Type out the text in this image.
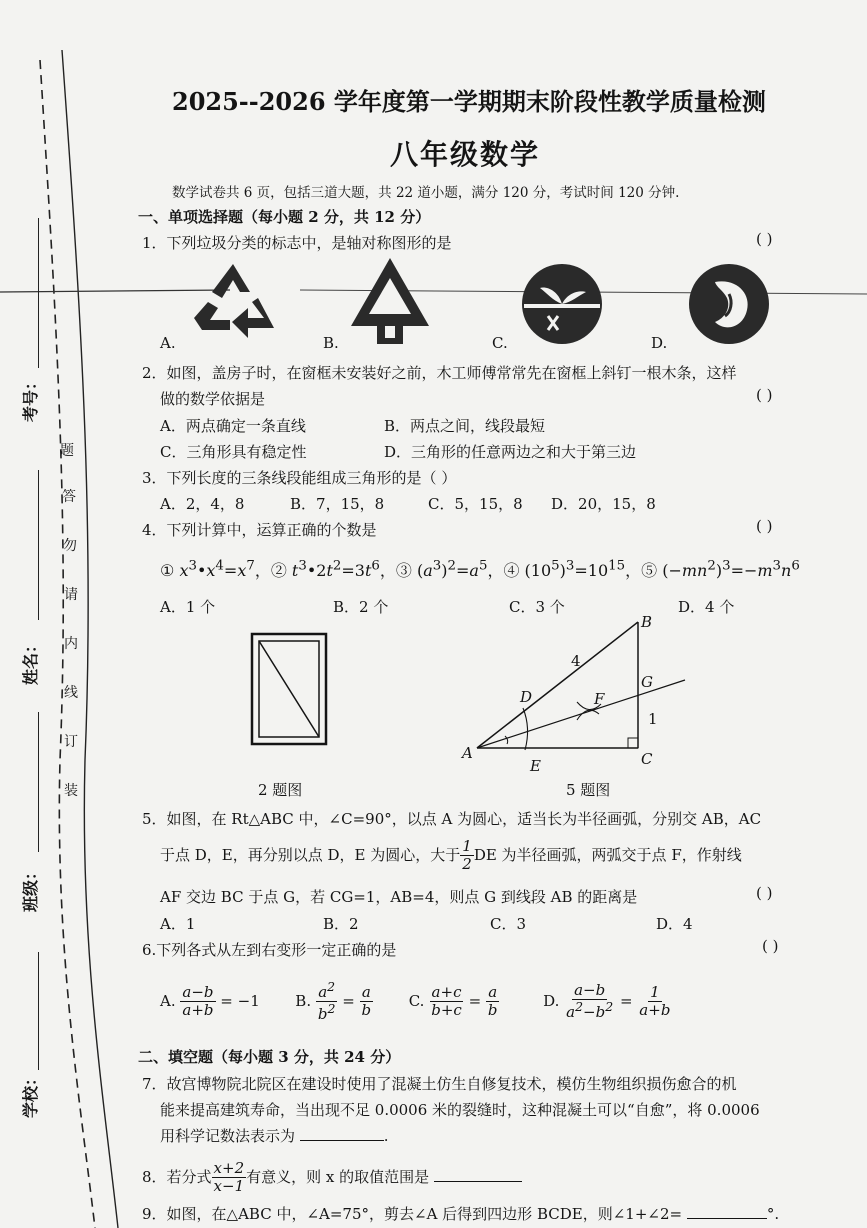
考号：
姓名：
班级：
学校：
题
答
勿
请
内
线
订
装
2025--2026 学年度第一学期期末阶段性教学质量检测
八年级数学
数学试卷共 6 页，包括三道大题，共 22 道小题，满分 120 分，考试时间 120 分钟.
一、单项选择题（每小题 2 分，共 12 分）
1．下列垃圾分类的标志中，是轴对称图形的是	( )
A.	B.	C.	D.
2．如图，盖房子时，在窗框未安装好之前，木工师傅常常先在窗框上斜钉一根木条，这样
做的数学依据是	( )
A．两点确定一条直线	B．两点之间，线段最短
C．三角形具有稳定性	D．三角形的任意两边之和大于第三边
3．下列长度的三条线段能组成三角形的是（ ）
A．2，4，8	B．7，15，8	C．5，15，8 D．20，15，8
4．下列计算中，运算正确的个数是	( )
① $x^3•x^4=x^7$，② $t^3•2t^2=3t^6$，③ $(a^3)^2=a^5$，④ $(10^5)^3=10^{15}$，⑤ $(-mn^2)^3=-m^3n^6$
A．1 个	B．2 个	C．3 个	D．4 个
2 题图
B
G
C
A
D
E
F
4
1
5 题图
5．如图，在 Rt△ABC 中，∠C=90°，以点 A 为圆心，适当长为半径画弧，分别交 AB，AC
于点 D，E，再分别以点 D，E 为圆心，大于 $\frac{1}{2}$ DE 为半径画弧，两弧交于点 F，作射线
AF 交边 BC 于点 G，若 CG=1，AB=4，则点 G 到线段 AB 的距离是	( )
A．1	B．2	C．3	D．4
6.下列各式从左到右变形一定正确的是	( )
A. $\frac{a-b}{a+b} = -1$  B. $\frac{a^2}{b^2} = \frac{a}{b} C$. $\frac{a+c}{b+c} = \frac{a}{b}$	D. $\frac{a-b}{a^2-b^2} = \frac{1}{a+b}$
二、填空题（每小题 3 分，共 24 分）
7．故宫博物院北院区在建设时使用了混凝土仿生自修复技术，模仿生物组织损伤愈合的机
能来提高建筑寿命，当出现不足 0.0006 米的裂缝时，这种混凝土可以“自愈”，将 0.0006
用科学记数法表示为	.
8．若分式 $\frac{x+2}{x-1}$ 有意义，则 x 的取值范围是
9．如图，在△ABC 中，∠A=75°，剪去∠A 后得到四边形 BCDE，则∠1+∠2=	°.
